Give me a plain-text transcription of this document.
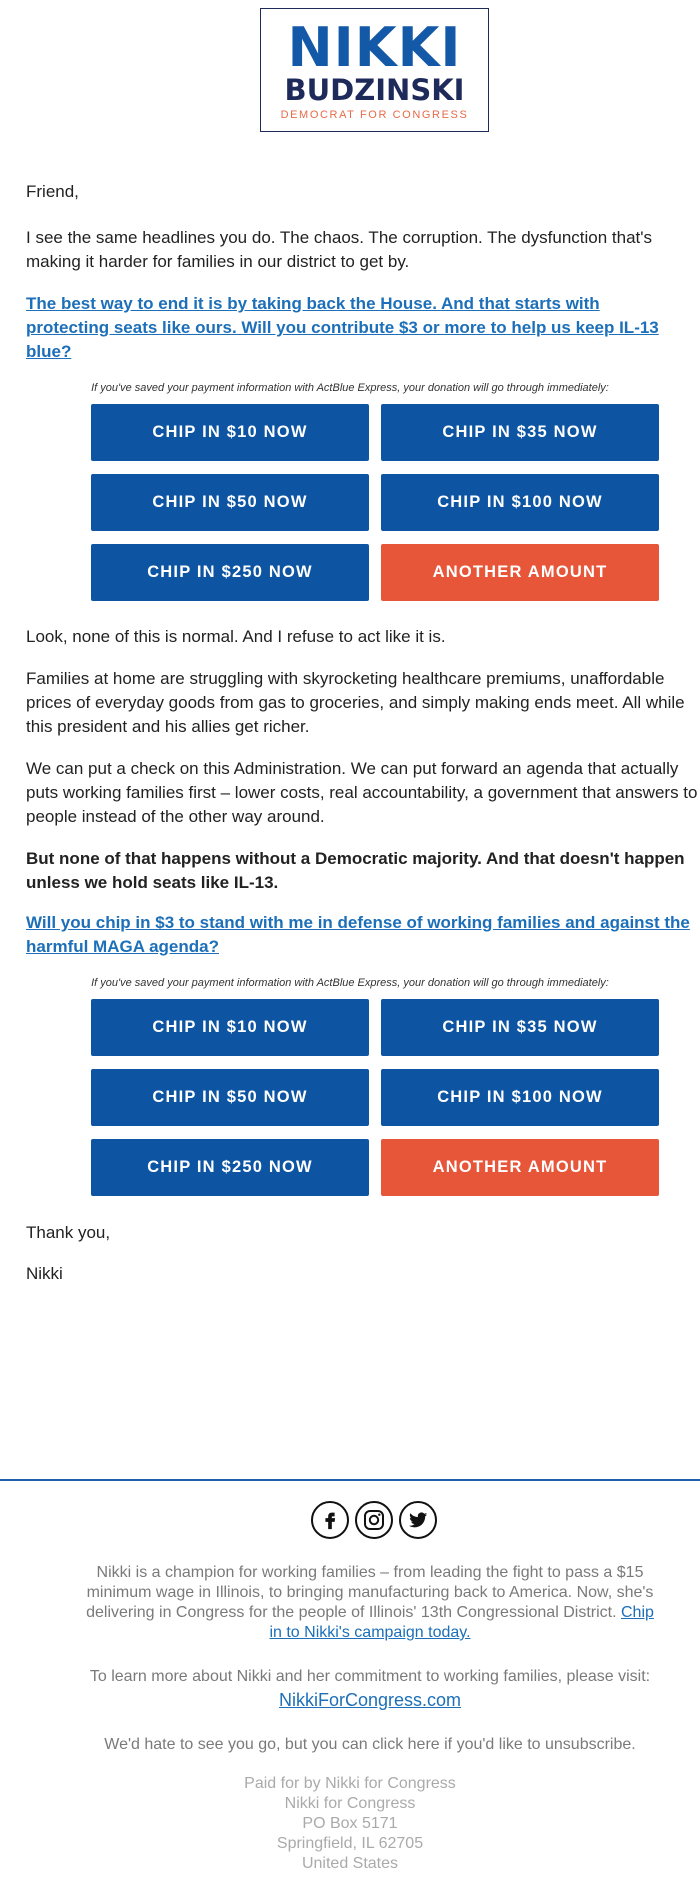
NIKKI
BUDZINSKI
DEMOCRAT FOR CONGRESS

Friend,

I see the same headlines you do. The chaos. The corruption. The dysfunction that's making it harder for families in our district to get by.

The best way to end it is by taking back the House. And that starts with protecting seats like ours. Will you contribute $3 or more to help us keep IL-13 blue?

If you've saved your payment information with ActBlue Express, your donation will go through immediately:
CHIP IN $10 NOW	CHIP IN $35 NOW
CHIP IN $50 NOW	CHIP IN $100 NOW
CHIP IN $250 NOW	ANOTHER AMOUNT

Look, none of this is normal. And I refuse to act like it is.

Families at home are struggling with skyrocketing healthcare premiums, unaffordable prices of everyday goods from gas to groceries, and simply making ends meet. All while this president and his allies get richer.

We can put a check on this Administration. We can put forward an agenda that actually puts working families first – lower costs, real accountability, a government that answers to people instead of the other way around.

But none of that happens without a Democratic majority. And that doesn't happen unless we hold seats like IL-13.

Will you chip in $3 to stand with me in defense of working families and against the harmful MAGA agenda?

If you've saved your payment information with ActBlue Express, your donation will go through immediately:
CHIP IN $10 NOW	CHIP IN $35 NOW
CHIP IN $50 NOW	CHIP IN $100 NOW
CHIP IN $250 NOW	ANOTHER AMOUNT

Thank you,

Nikki

Nikki is a champion for working families – from leading the fight to pass a $15 minimum wage in Illinois, to bringing manufacturing back to America. Now, she's delivering in Congress for the people of Illinois' 13th Congressional District. Chip in to Nikki's campaign today.
To learn more about Nikki and her commitment to working families, please visit:
NikkiForCongress.com
We'd hate to see you go, but you can click here if you'd like to unsubscribe.
Paid for by Nikki for Congress
Nikki for Congress
PO Box 5171
Springfield, IL 62705
United States
